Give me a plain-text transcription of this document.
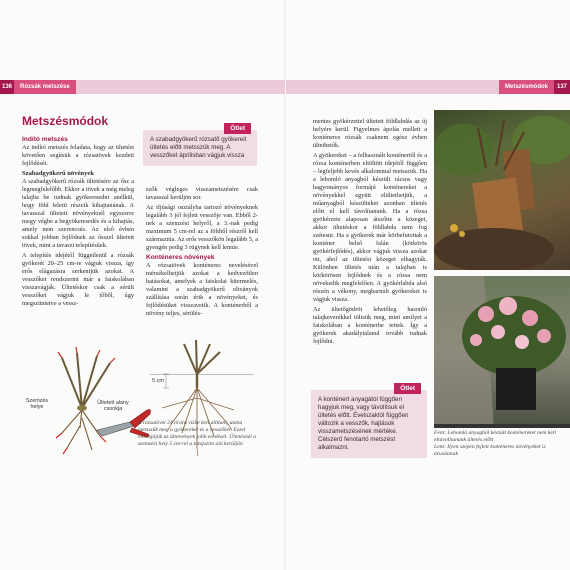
136	Rózsák metszése	Metszésmódok	137
Metszésmódok
Indító metszés

Az indító metszés feladata, hogy az ültetést követően segítsük a rózsatövek kezdeti fejlődését.

Szabadgyökerű növények

A szabadgyökerű rózsák ültetésére az ősz a legmegfelelőbb. Ekkor a tövek a még meleg talajba be tudnak gyökeresedni anélkül, hogy föld feletti részeik kihajtanának. A tavasszal ültetett növényeknél egyszerre megy végbe a begyökeresedés és a kihajtás, amely nem szerencsés. Az első évben sokkal jobban fejlődnek az ősszel ültetett tövek, mint a tavaszi telepítésűek.

A telepítés idejétől függetlenül a rózsák gyökerét 20–25 cm-re vágjuk vissza, így erős elágazásra serkentjük azokat. A vesszőket rendszerint már a faiskolában visszavágják. Ültetéskor csak a sérült vesszőket vágjuk le tőből, úgy megszüntetve a vessz-

Ötlet
A szabadgyökerű rózsatő gyökereit ültetés előtt metsszük meg. A vesszőket áprilisban vágjuk vissza

szők végleges visszametszésére csak tavasszal kerüljön sor.

Az ifjúsági osztályba tartozó növényeknek legalább 3 jól fejlett vesszője van. Ebből 2-nek a szemzési helyről, a 3.-nak pedig maximum 5 cm-rel az a földtől részről kell származnia. Az erős vesszőkön legalább 5, a gyengén pedig 3 rügynek kell lennie.

Konténeres növények

A rózsatövek konténeres nevelésével mérsékelhetjük azokat a kedvezőtlen hatásokat, amelyek a faiskolai kitermelés, valamint a szabadgyökerű oltványok szállítása során érik a növényeket, és fejlődésüket visszavetik. A konténerből a növény teljes, sérülés-

Szemzés helye
Ültetett alany csonkja
5 cm
A rózsatövet 24 órára vízbe kell állítani, utána metsszük meg a gyökereket és a vesszőket. Ezzel elősegítjük az ültetvények jobb eredését. Ültetésnél a szemzési hely 5 cm-rel a talajszint alá kerüljön

mentes gyökérzettel ültetett földlabdás az új helyére kerül. Figyelmes ápolás mellett a konténeres rózsák csaknem egész évben ültethetők.

A gyökereket – a felhasznált konténertől és a rózsa konténerben eltöltött idejétől függően – legfeljebb kevés alkalommal metsszük. Ha a lebomló anyagból készült rácsos vagy hagyományos formájú konténereket a növényekkel együtt elültethetjük, a műanyagból készülteket azonban ültetés előtt el kell távolítanunk. Ha a rózsa gyökérzete alaposan átszőtte a közeget, akkor ültetéskor a földlabda nem fog szétesni. Ha a gyökerek már körbefutottak a konténer belső falán (körkörös gyökérfejlődés), akkor vágjuk vissza azokat ott, ahol az ültetési közeget elhagyták. Különben ültetés után a talajban is körkörösen fejlődnek és a rózsa nem növekedik megfelelően. A gyökérlabda alsó részén a vékony, megbarnult gyökereket is vágjuk vissza.

Az ültetőgödröt lehetőleg hasonló talajkeverékkel töltsük meg, mint amilyet a faiskolában a konténerbe tettek. Így a gyökerek akadálytalanul tovább tudnak fejlődni.

Ötlet
A konténert anyagától függően hagyjuk meg, vagy távolítsuk el ültetés előtt. Évelszaktól függően változik a vesszők, hajtások visszametszésének mértéke. Célszerű fenntartó metszést alkalmazni.
Fent: Lebomló anyagból készült konténereket nem kell eltávolítanunk ültetés előtt
Lent: Ilyen szépen fejlett konténeres növényeket is árusítanak
